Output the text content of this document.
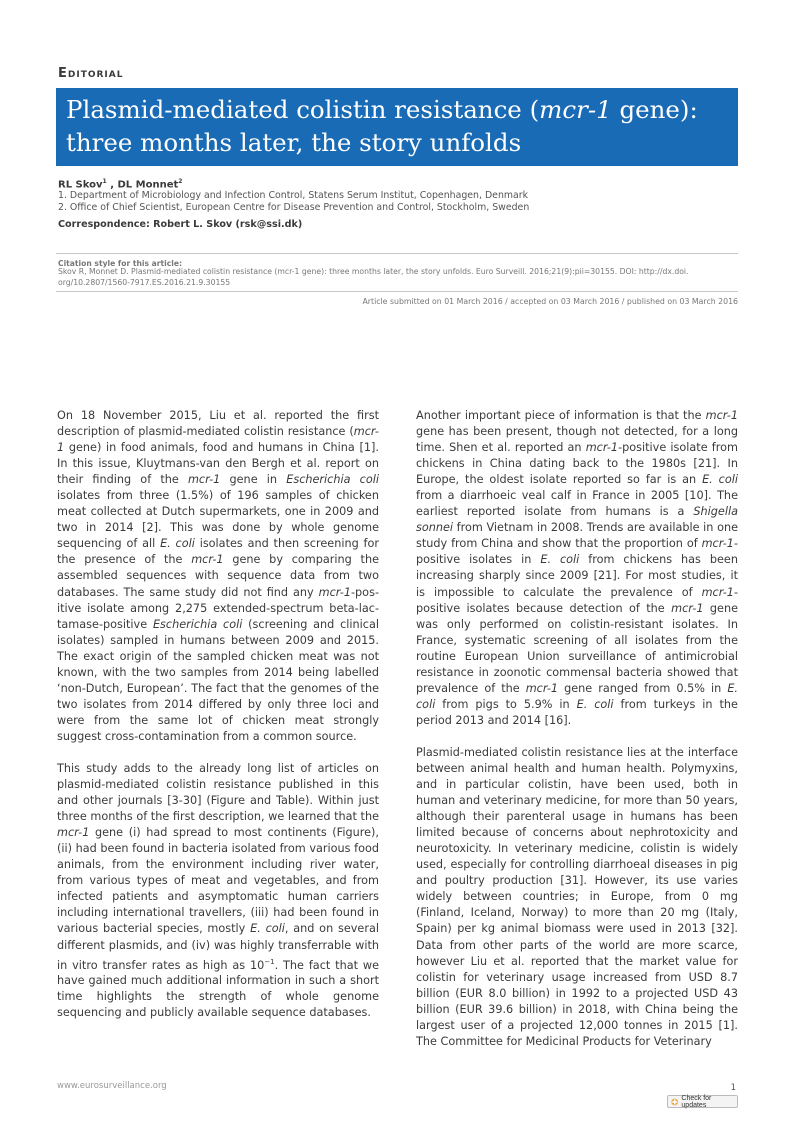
Editorial
Plasmid-mediated colistin resistance (mcr-1 gene): three months later, the story unfolds
RL Skov$^1$ , DL Monnet$^2$
1. Department of Microbiology and Infection Control, Statens Serum Institut, Copenhagen, Denmark
2. Office of Chief Scientist, European Centre for Disease Prevention and Control, Stockholm, Sweden
Correspondence: Robert L. Skov (rsk@ssi.dk)
Citation style for this article:
Skov R, Monnet D. Plasmid-mediated colistin resistance (mcr-1 gene): three months later, the story unfolds. Euro Surveill. 2016;21(9):pii=30155. DOI: http://dx.doi.
org/10.2807/1560-7917.ES.2016.21.9.30155
Article submitted on 01 March 2016 / accepted on 03 March 2016 / published on 03 March 2016

On 18 November 2015, Liu et al. reported the first description of plasmid-mediated colistin resistance (mcr-1 gene) in food animals, food and humans in China [1]. In this issue, Kluytmans-van den Bergh et al. report on their finding of the mcr-1 gene in Escherichia coli isolates from three (1.5%) of 196 samples of chicken meat collected at Dutch supermarkets, one in 2009 and two in 2014 [2]. This was done by whole genome sequencing of all E. coli isolates and then screening for the presence of the mcr-1 gene by comparing the assembled sequences with sequence data from two databases. The same study did not find any mcr-1-positive isolate among 2,275 extended-spectrum beta-lactamase-positive Escherichia coli (screening and clinical isolates) sampled in humans between 2009 and 2015. The exact origin of the sampled chicken meat was not known, with the two samples from 2014 being labelled ‘non-Dutch, European’. The fact that the genomes of the two isolates from 2014 differed by only three loci and were from the same lot of chicken meat strongly suggest cross-contamination from a common source.

This study adds to the already long list of articles on plasmid-mediated colistin resistance published in this and other journals [3-30] (Figure and Table). Within just three months of the first description, we learned that the mcr-1 gene (i) had spread to most continents (Figure), (ii) had been found in bacteria isolated from various food animals, from the environment including river water, from various types of meat and vegetables, and from infected patients and asymptomatic human carriers including international travellers, (iii) had been found in various bacterial species, mostly E. coli, and on several different plasmids, and (iv) was highly transferrable with in vitro transfer rates as high as $10^{-1}$. The fact that we have gained much additional information in such a short time highlights the strength of whole genome sequencing and publicly available sequence databases.

Another important piece of information is that the mcr-1 gene has been present, though not detected, for a long time. Shen et al. reported an mcr-1-positive isolate from chickens in China dating back to the 1980s [21]. In Europe, the oldest isolate reported so far is an E. coli from a diarrhoeic veal calf in France in 2005 [10]. The earliest reported isolate from humans is a Shigella sonnei from Vietnam in 2008. Trends are available in one study from China and show that the proportion of mcr-1-positive isolates in E. coli from chickens has been increasing sharply since 2009 [21]. For most studies, it is impossible to calculate the prevalence of mcr-1-positive isolates because detection of the mcr-1 gene was only performed on colistin-resistant isolates. In France, systematic screening of all isolates from the routine European Union surveillance of antimicrobial resistance in zoonotic commensal bacteria showed that prevalence of the mcr-1 gene ranged from 0.5% in E. coli from pigs to 5.9% in E. coli from turkeys in the period 2013 and 2014 [16].

Plasmid-mediated colistin resistance lies at the interface between animal health and human health. Polymyxins, and in particular colistin, have been used, both in human and veterinary medicine, for more than 50 years, although their parenteral usage in humans has been limited because of concerns about nephrotoxicity and neurotoxicity. In veterinary medicine, colistin is widely used, especially for controlling diarrhoeal diseases in pig and poultry production [31]. However, its use varies widely between countries; in Europe, from 0 mg (Finland, Iceland, Norway) to more than 20 mg (Italy, Spain) per kg animal biomass were used in 2013 [32]. Data from other parts of the world are more scarce, however Liu et al. reported that the market value for colistin for veterinary usage increased from USD 8.7 billion (EUR 8.0 billion) in 1992 to a projected USD 43 billion (EUR 39.6 billion) in 2018, with China being the largest user of a projected 12,000 tonnes in 2015 [1]. The Committee for Medicinal Products for Veterinary

www.eurosurveillance.org	1
Check for updates
